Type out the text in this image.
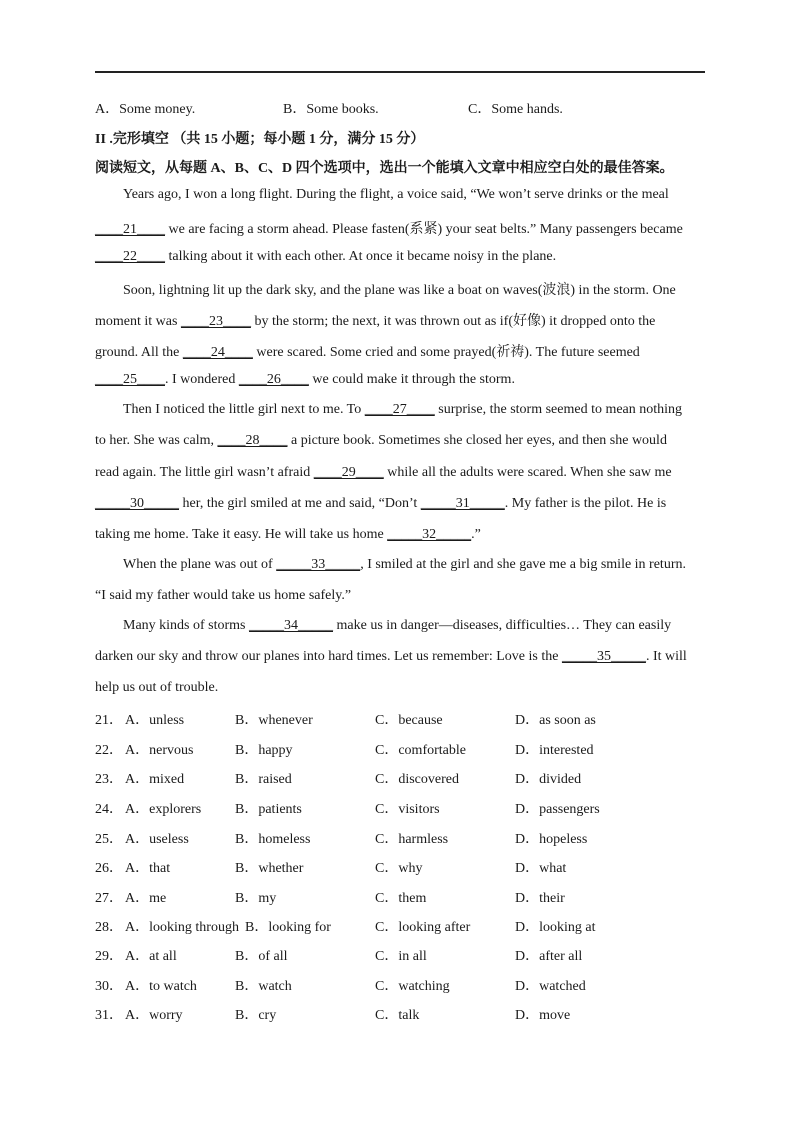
A．Some money.	B．Some books.	C．Some hands.
II .完形填空 （共 15 小题；每小题 1 分，满分 15 分）
阅读短文，从每题 A、B、C、D 四个选项中，选出一个能填入文章中相应空白处的最佳答案。
Years ago, I won a long flight. During the flight, a voice said, “We won’t serve drinks or the meal
____21____ we are facing a storm ahead. Please fasten(系紧) your seat belts.” Many passengers became
____22____ talking about it with each other. At once it became noisy in the plane.
Soon, lightning lit up the dark sky, and the plane was like a boat on waves(波浪) in the storm. One
moment it was ____23____ by the storm; the next, it was thrown out as if(好像) it dropped onto the
ground. All the ____24____ were scared. Some cried and some prayed(祈祷). The future seemed
____25____. I wondered ____26____ we could make it through the storm.
Then I noticed the little girl next to me. To ____27____ surprise, the storm seemed to mean nothing
to her. She was calm, ____28____ a picture book. Sometimes she closed her eyes, and then she would
read again. The little girl wasn’t afraid ____29____ while all the adults were scared. When she saw me
_____30_____ her, the girl smiled at me and said, “Don’t _____31_____. My father is the pilot. He is
taking me home. Take it easy. He will take us home _____32_____.”
When the plane was out of _____33_____, I smiled at the girl and she gave me a big smile in return.
“I said my father would take us home safely.”
Many kinds of storms _____34_____ make us in danger—diseases, difficulties… They can easily
darken our sky and throw our planes into hard times. Let us remember: Love is the _____35_____. It will
help us out of trouble.
21． A．unless	B．whenever	C．because	D．as soon as
22． A．nervous	B．happy	C．comfortable	D．interested
23． A．mixed	B．raised	C．discovered	D．divided
24． A．explorers B．patients	C．visitors	D．passengers
25． A．useless	B．homeless	C．harmless	D．hopeless
26． A．that	B．whether	C．why	D．what
27． A．me	B．my	C．them	D．their
28． A．looking through B．looking for	C．looking after	D．looking at
29． A．at all	B．of all	C．in all	D．after all
30． A．to watch	B．watch	C．watching	D．watched
31． A．worry	B．cry	C．talk	D．move
